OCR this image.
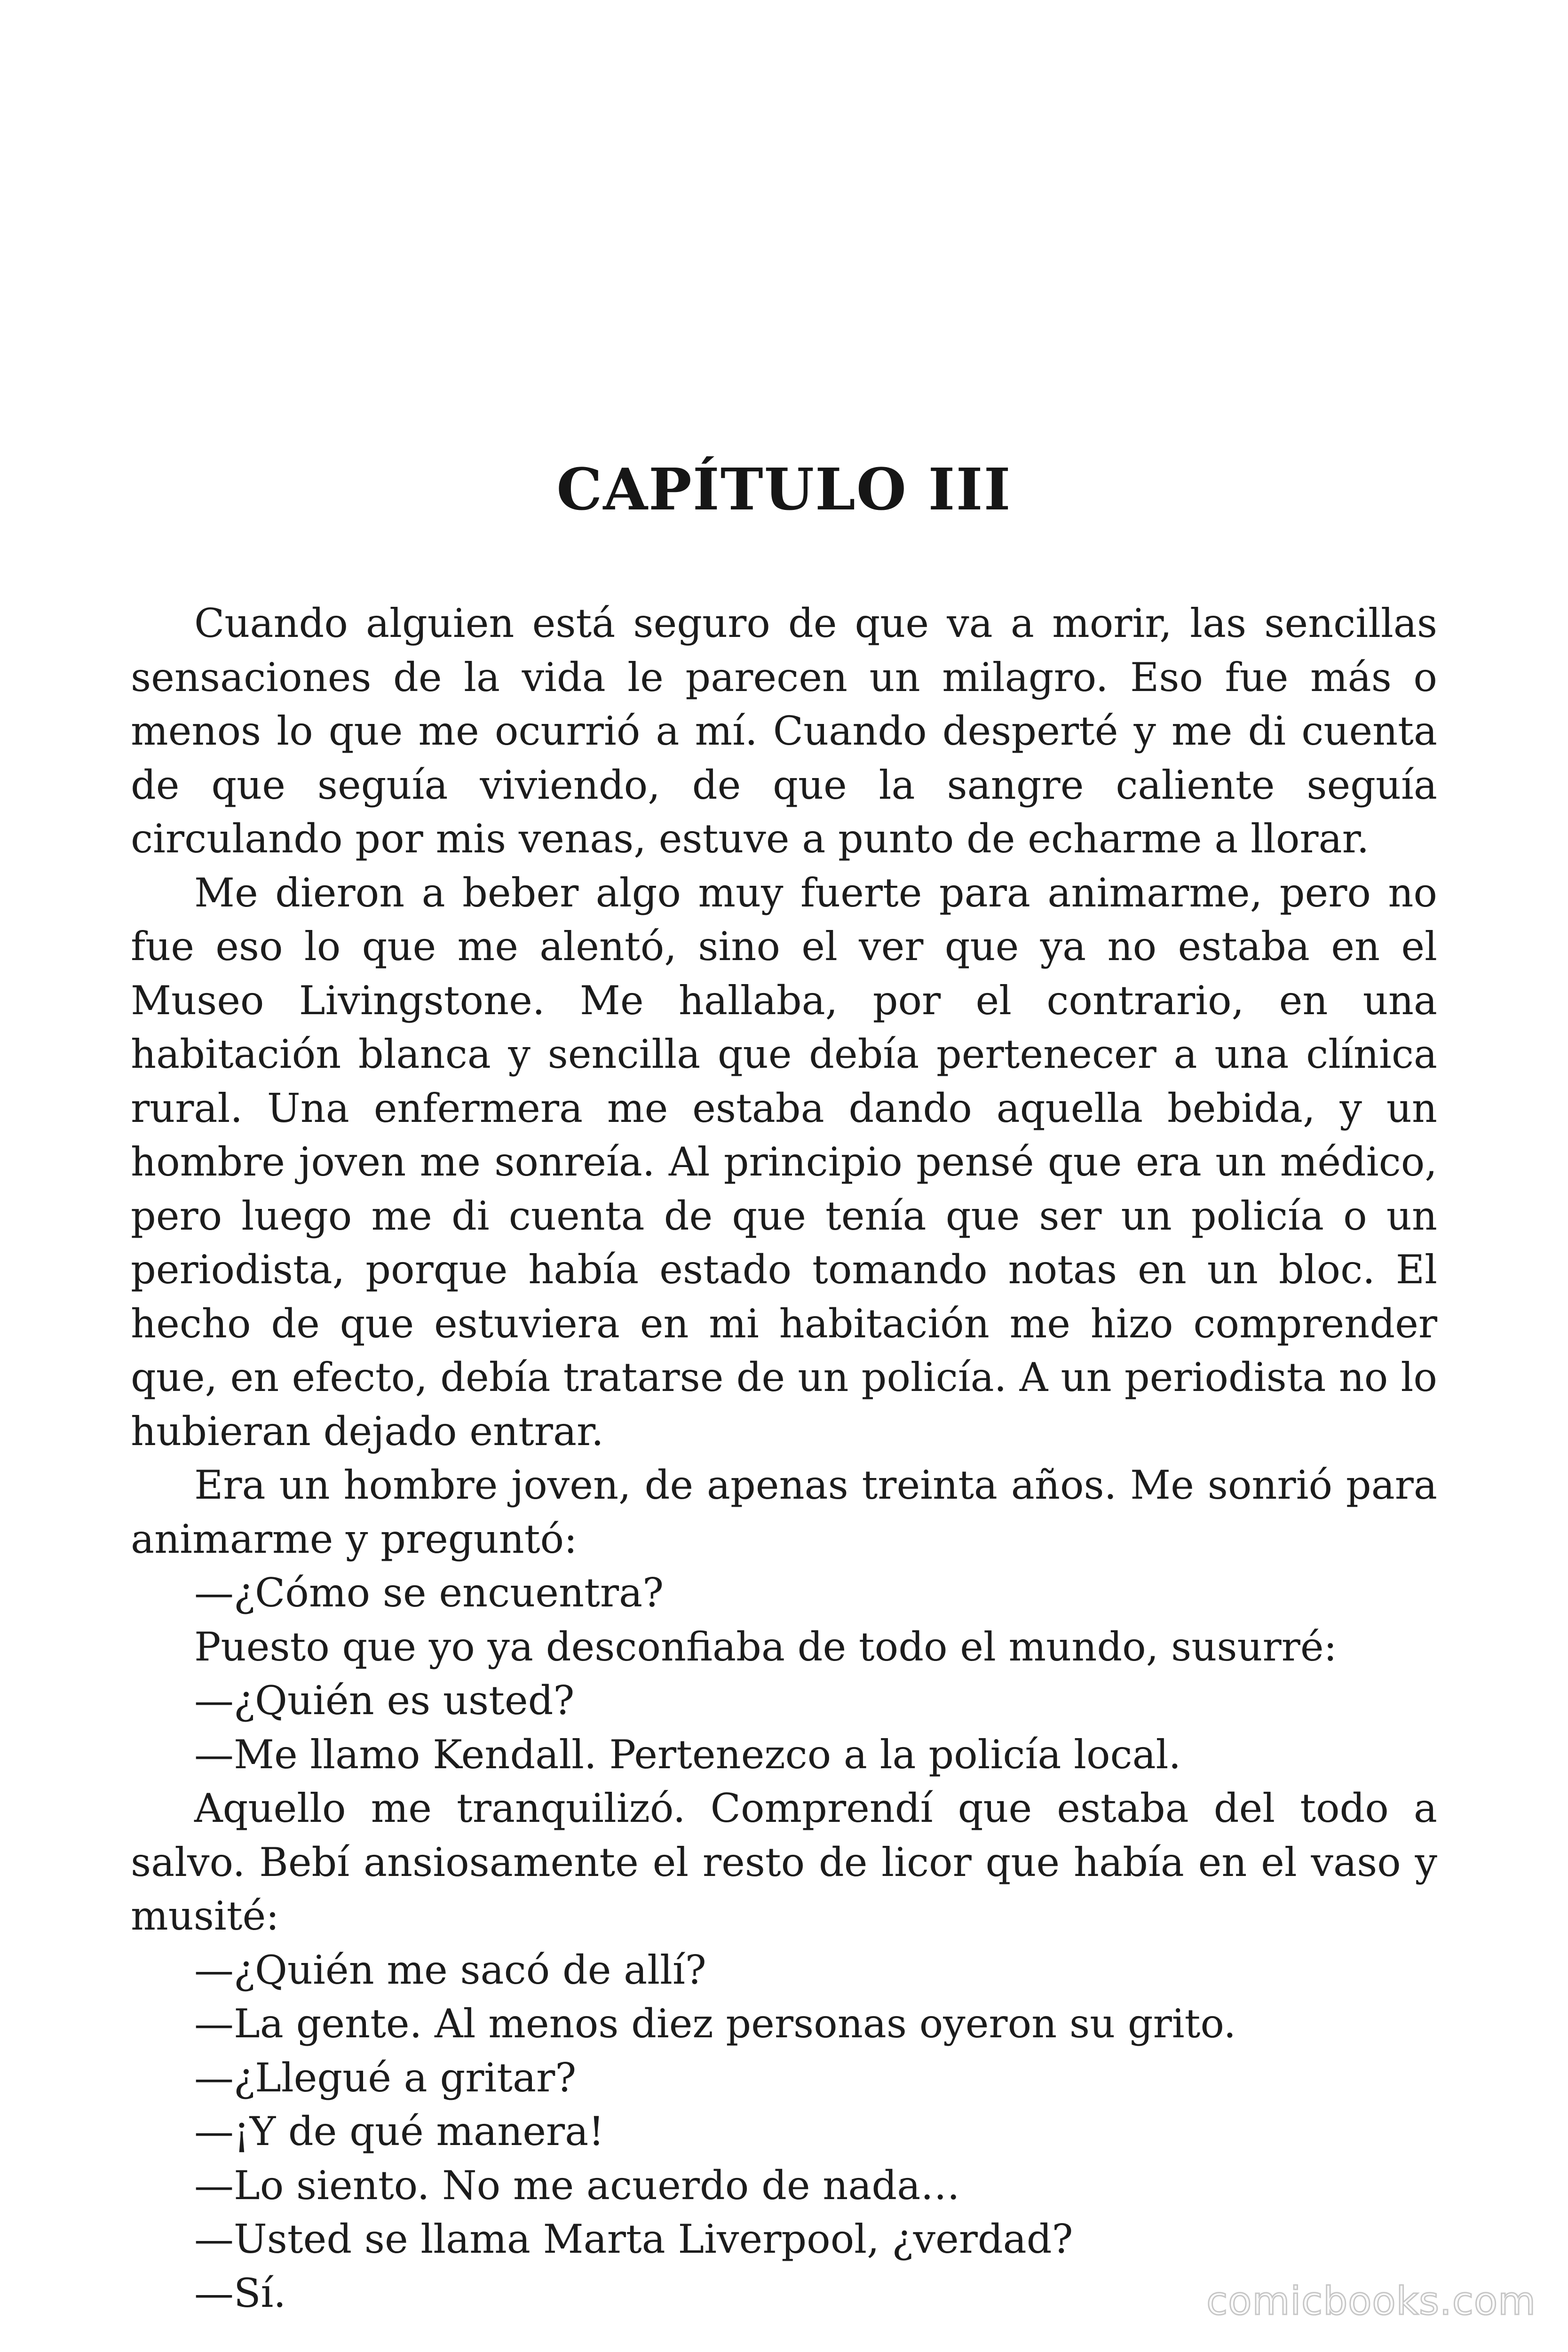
CAPÍTULO III

Cuando alguien está seguro de que va a morir, las sencillas sensaciones de la vida le parecen un milagro. Eso fue más o menos lo que me ocurrió a mí. Cuando desperté y me di cuenta de que seguía viviendo, de que la sangre caliente seguía circulando por mis venas, estuve a punto de echarme a llorar.

Me dieron a beber algo muy fuerte para animarme, pero no fue eso lo que me alentó, sino el ver que ya no estaba en el Museo Livingstone. Me hallaba, por el contrario, en una habitación blanca y sencilla que debía pertenecer a una clínica rural. Una enfermera me estaba dando aquella bebida, y un hombre joven me sonreía. Al principio pensé que era un médico, pero luego me di cuenta de que tenía que ser un policía o un periodista, porque había estado tomando notas en un bloc. El hecho de que estuviera en mi habitación me hizo comprender que, en efecto, debía tratarse de un policía. A un periodista no lo hubieran dejado entrar.

Era un hombre joven, de apenas treinta años. Me sonrió para animarme y preguntó:

—¿Cómo se encuentra?

Puesto que yo ya desconfiaba de todo el mundo, susurré:

—¿Quién es usted?

—Me llamo Kendall. Pertenezco a la policía local.

Aquello me tranquilizó. Comprendí que estaba del todo a salvo. Bebí ansiosamente el resto de licor que había en el vaso y musité:

—¿Quién me sacó de allí?

—La gente. Al menos diez personas oyeron su grito.

—¿Llegué a gritar?

—¡Y de qué manera!

—Lo siento. No me acuerdo de nada…

—Usted se llama Marta Liverpool, ¿verdad?

—Sí.	comicbooks.com
